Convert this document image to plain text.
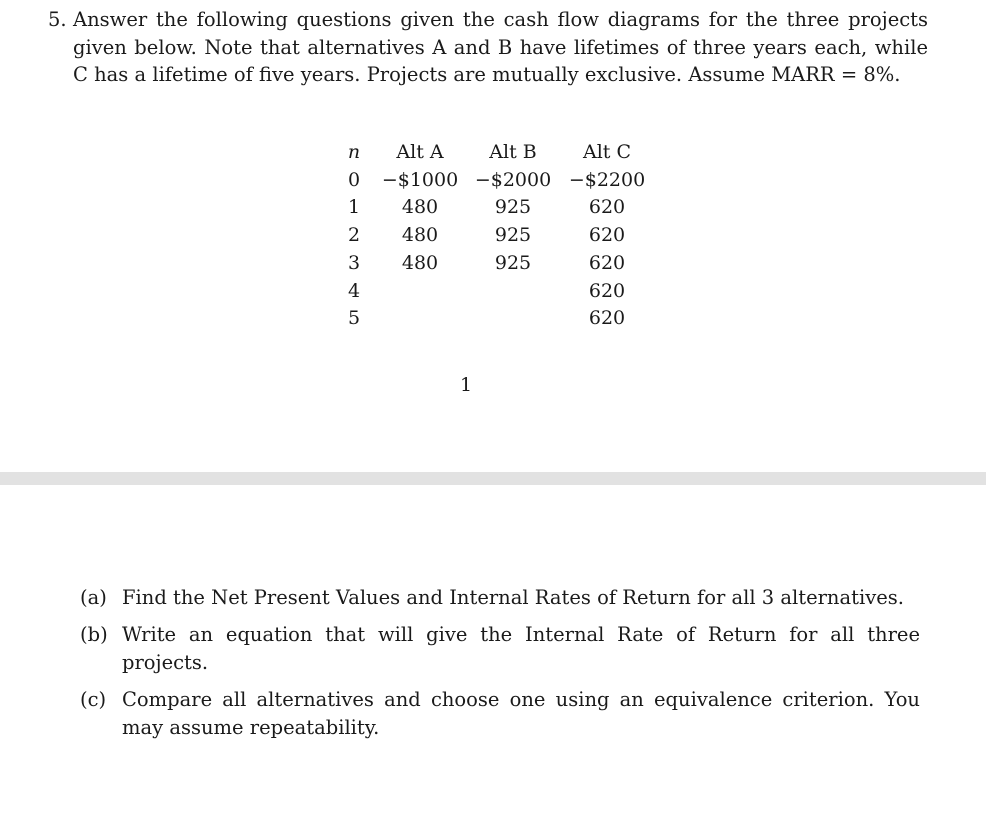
5. Answer the following questions given the cash flow diagrams for the three projects given below. Note that alternatives A and B have lifetimes of three years each, while C has a lifetime of five years. Projects are mutually exclusive. Assume MARR = 8%.
n	Alt A	Alt B	Alt C
0	−$1000	−$2000	−$2200
1	480	925	620
2	480	925	620
3	480	925	620
4			620
5			620
1
(a) Find the Net Present Values and Internal Rates of Return for all 3 alternatives.
(b) Write an equation that will give the Internal Rate of Return for all three projects.
(c) Compare all alternatives and choose one using an equivalence criterion. You may assume repeatability.
